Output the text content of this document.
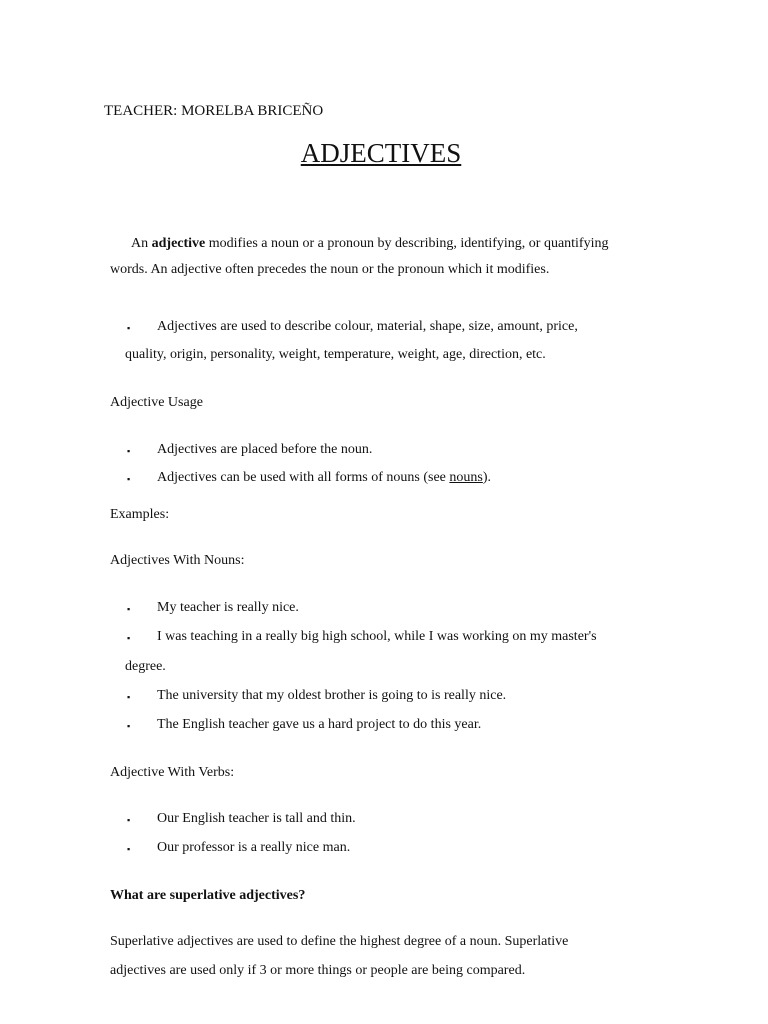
TEACHER: MORELBA BRICEÑO
ADJECTIVES
An adjective modifies a noun or a pronoun by describing, identifying, or quantifying
words. An adjective often precedes the noun or the pronoun which it modifies.
▪ Adjectives are used to describe colour, material, shape, size, amount, price,
quality, origin, personality, weight, temperature, weight, age, direction, etc.
Adjective Usage
▪ Adjectives are placed before the noun.
▪ Adjectives can be used with all forms of nouns (see nouns).
Examples:
Adjectives With Nouns:
▪ My teacher is really nice.
▪ I was teaching in a really big high school, while I was working on my master's
degree.
▪ The university that my oldest brother is going to is really nice.
▪ The English teacher gave us a hard project to do this year.
Adjective With Verbs:
▪ Our English teacher is tall and thin.
▪ Our professor is a really nice man.
What are superlative adjectives?
Superlative adjectives are used to define the highest degree of a noun. Superlative
adjectives are used only if 3 or more things or people are being compared.
